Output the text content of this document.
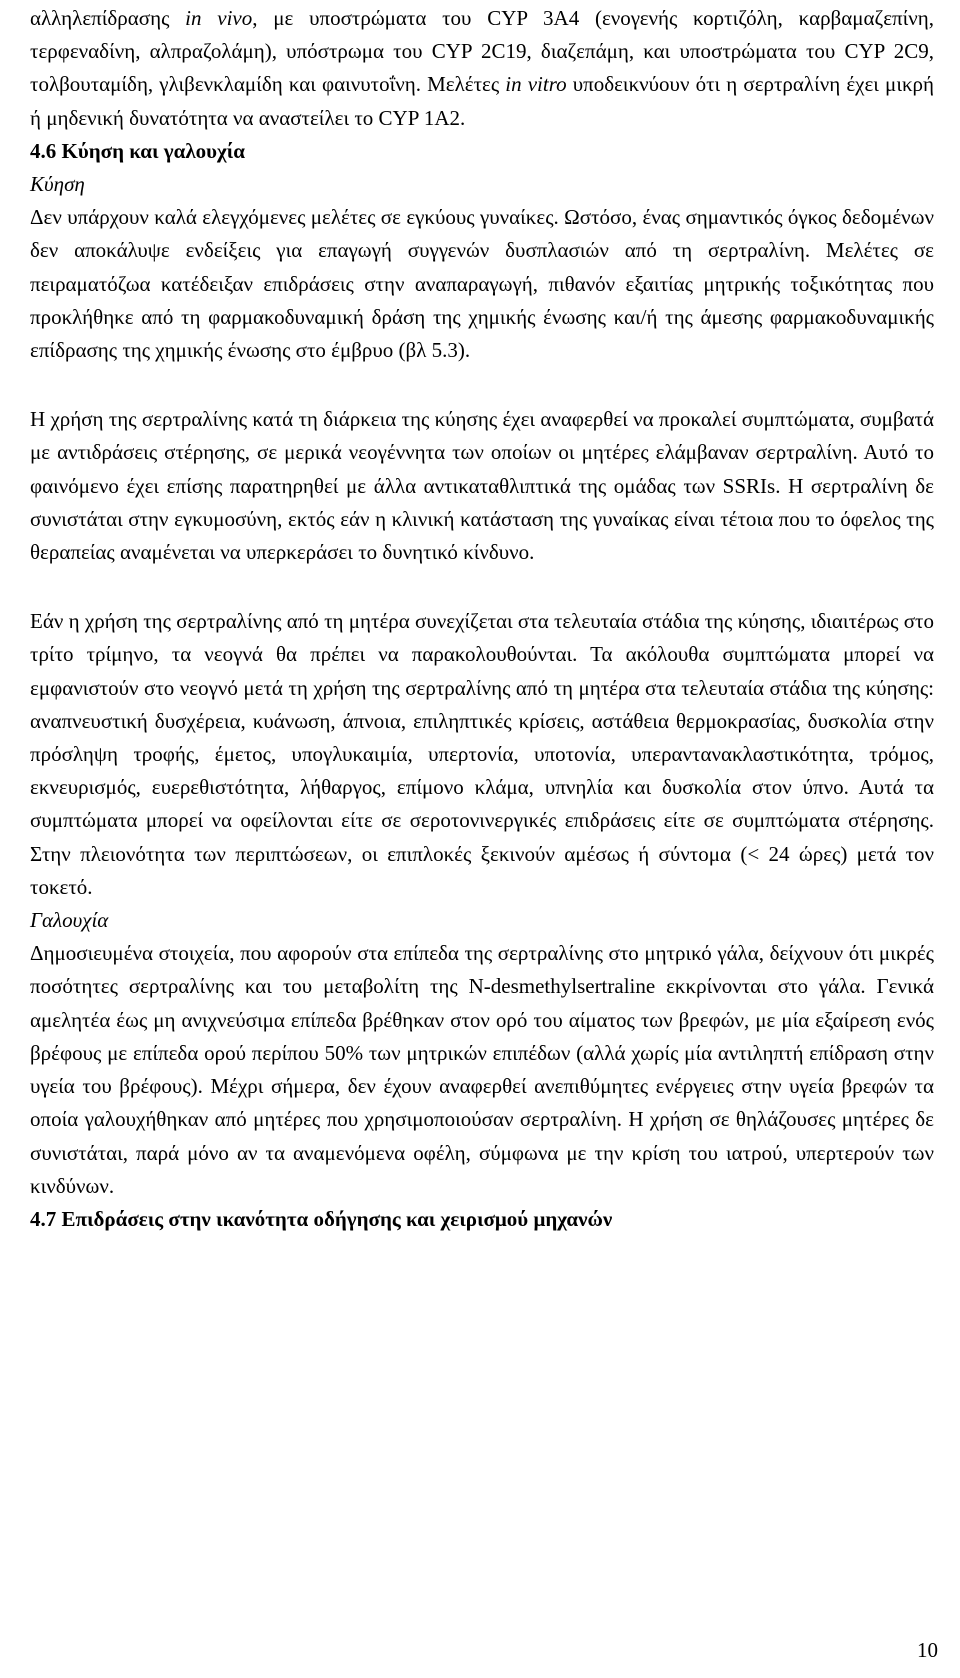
αλληλεπίδρασης in vivo, με υποστρώματα του CYP 3A4 (ενογενής κορτιζόλη, καρβαμαζεπίνη, τερφεναδίνη, αλπραζολάμη), υπόστρωμα του CYP 2C19, διαζεπάμη, και υποστρώματα του CYP 2C9, τολβουταμίδη, γλιβενκλαμίδη και φαινυτοΐνη. Μελέτες in vitro υποδεικνύουν ότι η σερτραλίνη έχει μικρή ή μηδενική δυνατότητα να αναστείλει το CYP 1A2.

4.6 Κύηση και γαλουχία
Κύηση

Δεν υπάρχουν καλά ελεγχόμενες μελέτες σε εγκύους γυναίκες. Ωστόσο, ένας σημαντικός όγκος δεδομένων δεν αποκάλυψε ενδείξεις για επαγωγή συγγενών δυσπλασιών από τη σερτραλίνη. Μελέτες σε πειραματόζωα κατέδειξαν επιδράσεις στην αναπαραγωγή, πιθανόν εξαιτίας μητρικής τοξικότητας που προκλήθηκε από τη φαρμακοδυναμική δράση της χημικής ένωσης και/ή της άμεσης φαρμακοδυναμικής επίδρασης της χημικής ένωσης στο έμβρυο (βλ 5.3).

Η χρήση της σερτραλίνης κατά τη διάρκεια της κύησης έχει αναφερθεί να προκαλεί συμπτώματα, συμβατά με αντιδράσεις στέρησης, σε μερικά νεογέννητα των οποίων οι μητέρες ελάμβαναν σερτραλίνη. Αυτό το φαινόμενο έχει επίσης παρατηρηθεί με άλλα αντικαταθλιπτικά της ομάδας των SSRIs. Η σερτραλίνη δε συνιστάται στην εγκυμοσύνη, εκτός εάν η κλινική κατάσταση της γυναίκας είναι τέτοια που το όφελος της θεραπείας αναμένεται να υπερκεράσει το δυνητικό κίνδυνο.

Εάν η χρήση της σερτραλίνης από τη μητέρα συνεχίζεται στα τελευταία στάδια της κύησης, ιδιαιτέρως στο τρίτο τρίμηνο, τα νεογνά θα πρέπει να παρακολουθούνται. Τα ακόλουθα συμπτώματα μπορεί να εμφανιστούν στο νεογνό μετά τη χρήση της σερτραλίνης από τη μητέρα στα τελευταία στάδια της κύησης: αναπνευστική δυσχέρεια, κυάνωση, άπνοια, επιληπτικές κρίσεις, αστάθεια θερμοκρασίας, δυσκολία στην πρόσληψη τροφής, έμετος, υπογλυκαιμία, υπερτονία, υποτονία, υπεραντανακλαστικότητα, τρόμος, εκνευρισμός, ευερεθιστότητα, λήθαργος, επίμονο κλάμα, υπνηλία και δυσκολία στον ύπνο. Αυτά τα συμπτώματα μπορεί να οφείλονται είτε σε σεροτονινεργικές επιδράσεις είτε σε συμπτώματα στέρησης. Στην πλειονότητα των περιπτώσεων, οι επιπλοκές ξεκινούν αμέσως ή σύντομα (< 24 ώρες) μετά τον τοκετό.

Γαλουχία

Δημοσιευμένα στοιχεία, που αφορούν στα επίπεδα της σερτραλίνης στο μητρικό γάλα, δείχνουν ότι μικρές ποσότητες σερτραλίνης και του μεταβολίτη της N-desmethylsertraline εκκρίνονται στο γάλα. Γενικά αμελητέα έως μη ανιχνεύσιμα επίπεδα βρέθηκαν στον ορό του αίματος των βρεφών, με μία εξαίρεση ενός βρέφους με επίπεδα ορού περίπου 50% των μητρικών επιπέδων (αλλά χωρίς μία αντιληπτή επίδραση στην υγεία του βρέφους). Μέχρι σήμερα, δεν έχουν αναφερθεί ανεπιθύμητες ενέργειες στην υγεία βρεφών τα οποία γαλουχήθηκαν από μητέρες που χρησιμοποιούσαν σερτραλίνη. Η χρήση σε θηλάζουσες μητέρες δε συνιστάται, παρά μόνο αν τα αναμενόμενα οφέλη, σύμφωνα με την κρίση του ιατρού, υπερτερούν των κινδύνων.

4.7 Επιδράσεις στην ικανότητα οδήγησης και χειρισμού μηχανών
10
